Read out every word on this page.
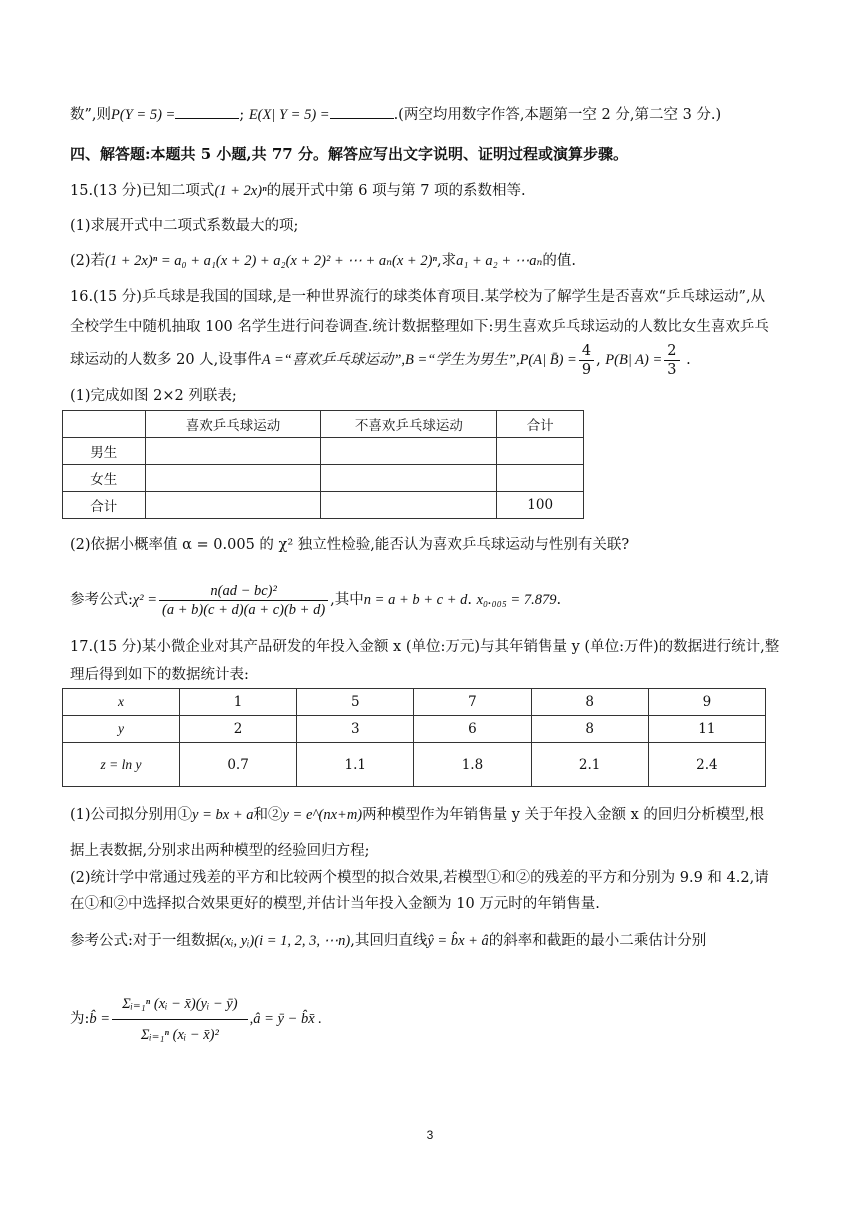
数”,则P(Y = 5) =	; E(X| Y = 5) =	.(两空均用数字作答,本题第一空 2 分,第二空 3 分.)
四、解答题:本题共 5 小题,共 77 分。解答应写出文字说明、证明过程或演算步骤。
15.(13 分)已知二项式(1 + 2x)ⁿ的展开式中第 6 项与第 7 项的系数相等.
(1)求展开式中二项式系数最大的项;
(2)若(1 + 2x)ⁿ = a₀ + a₁(x + 2) + a₂(x + 2)² + ⋯ + aₙ(x + 2)ⁿ,求a₁ + a₂ + ⋯aₙ的值.
16.(15 分)乒乓球是我国的国球,是一种世界流行的球类体育项目.某学校为了解学生是否喜欢“乒乓球运动”,从
全校学生中随机抽取 100 名学生进行问卷调查.统计数据整理如下:男生喜欢乒乓球运动的人数比女生喜欢乒乓
球运动的人数多 20 人,设事件A =“喜欢乒乓球运动”,B =“学生为男生”,P(A| B̄) = $\frac{4}{9}$ , P(B| $A) = \frac{2}{3}$ .
(1)完成如图 2×2 列联表;
	喜欢乒乓球运动	不喜欢乒乓球运动	合计
男生			
女生			
合计			100
(2)依据小概率值 α = 0.005 的 χ² 独立性检验,能否认为喜欢乒乓球运动与性别有关联?
参考公式:χ² = $\frac{\text{n(ad − bc)²}}{(a + b)(c + d)(a + c)(b + d)}$ ,其中n = a + b + c + d. x₀.₀₀₅ = 7.879.
17.(15 分)某小微企业对其产品研发的年投入金额 x (单位:万元)与其年销售量 y (单位:万件)的数据进行统计,整
理后得到如下的数据统计表:
x	1	5	7	8	9
y	2	3	6	8	11
z = ln y	0.7	1.1	1.8	2.1	2.4
(1)公司拟分别用①y = bx + a和②y = e^(nx+m)两种模型作为年销售量 y 关于年投入金额 x 的回归分析模型,根
据上表数据,分别求出两种模型的经验回归方程;
(2)统计学中常通过残差的平方和比较两个模型的拟合效果,若模型①和②的残差的平方和分别为 9.9 和 4.2,请
在①和②中选择拟合效果更好的模型,并估计当年投入金额为 10 万元时的年销售量.
参考公式:对于一组数据(xᵢ, yᵢ)(i = 1, 2, 3, ⋯n),其回归直线ŷ = b̂x + â的斜率和截距的最小二乘估计分别
为:b̂ = $\frac{\text{Σᵢ₌₁ⁿ (xᵢ − x̄)(yᵢ − ȳ)}}{\text{Σᵢ₌₁ⁿ (xᵢ − x̄)²}}$ ,â = ȳ − b̂x̄ .
3
